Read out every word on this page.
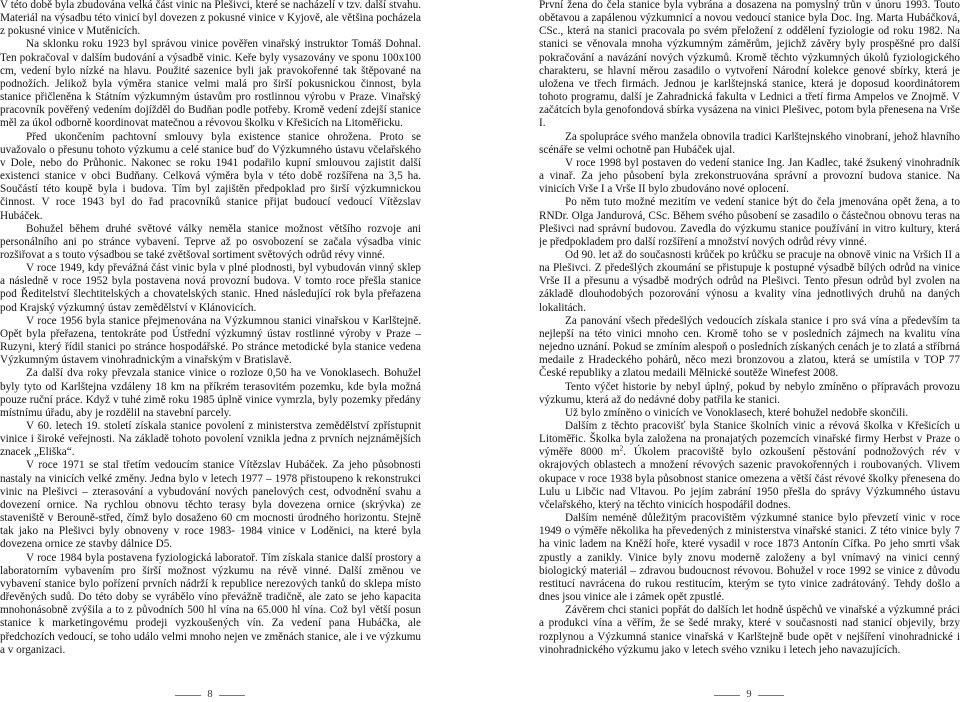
V této době byla zbudována velká část vinic na Plešivci, které se nacházelí v tzv. další stvahu. Materiál na výsadbu této vinicí byl dovezen z pokusné vinice v Kyjově, ale většina pocházela z pokusné vinice v Mutěnicích.

Na sklonku roku 1923 byl správou vinice pověřen vinařský instruktor Tomáš Dohnal. Ten pokračoval v dalším budování a výsadbě vinic. Keře byly vysazovány ve sponu 100x100 cm, vedení bylo nízké na hlavu. Použité sazenice byli jak pravokořenné tak štěpované na podnožích. Jelikož byla výměra stanice velmi malá pro širší pokusnickou činnost, byla stanice přičleněna k Státním výzkumným ústavům pro rostlinnou výrobu v Praze. Vinařský pracovník pověřený vedením dojížděl do Budňan podle potřeby. Kromě vedení zdejší stanice měl za úkol odborně koordinovat matečnou a révovou školku v Křešicích na Litoměřicku.

Před ukončením pachtovní smlouvy byla existence stanice ohrožena. Proto se uvažovalo o přesunu tohoto výzkumu a celé stanice buď do Výzkumného ústavu včelařského v Dole, nebo do Průhonic. Nakonec se roku 1941 podařilo kupní smlouvou zajistit další existenci stanice v obci Budňany. Celková výměra byla v této době rozšířena na 3,5 ha. Součástí této koupě byla i budova. Tím byl zajištěn předpoklad pro širší výzkumnickou činnost. V roce 1943 byl do řad pracovníků stanice přijat budoucí vedoucí Vítězslav Hubáček.

Bohužel během druhé světové války neměla stanice možnost většího rozvoje ani personálního ani po stránce vybavení. Teprve až po osvobození se začala výsadba vinic rozšiřovat a s touto výsadbou se také zvětšoval sortiment světových odrůd révy vinné.

V roce 1949, kdy převážná část vinic byla v plné plodnosti, byl vybudován vinný sklep a následně v roce 1952 byla postavena nová provozní budova. V tomto roce přešla stanice pod Ředitelství šlechtitelských a chovatelských stanic. Hned následující rok byla přeřazena pod Krajský výzkumný ústav zemědělství v Klánovicích.

V roce 1956 byla stanice přejmenována na Výzkumnou stanici vinařskou v Karlštejně. Opět byla přeřazena, tentokráte pod Ústřední výzkumný ústav rostlinné výroby v Praze – Ruzyni, který řídil stanici po stránce hospodářské. Po stránce metodické byla stanice vedena Výzkumným ústavem vinohradnickým a vinařským v Bratislavě.

Za další dva roky převzala stanice vinice o rozloze 0,50 ha ve Vonoklasech. Bohužel byly tyto od Karlštejna vzdáleny 18 km na příkrém terasovitém pozemku, kde byla možná pouze ruční práce. Když v tuhé zimě roku 1985 úplně vinice vymrzla, byly pozemky předány místnímu úřadu, aby je rozdělil na stavební parcely.

V 60. letech 19. století získala stanice povolení z ministerstva zemědělství zpřístupnit vinice i široké veřejnosti. Na základě tohoto povolení vznikla jedna z prvních nejznámějších znacek „Eliška“.

V roce 1971 se stal třetím vedoucím stanice Vítězslav Hubáček. Za jeho působnosti nastaly na vinicích velké změny. Jedna bylo v letech 1977 – 1978 přistoupeno k rekonstrukci vinic na Plešivci – zterasování a vybudování nových panelových cest, odvodnění svahu a dovezení ornice. Na rychlou obnovu těchto terasy byla dovezena ornice (skrývka) ze staveniště v Berouně-střed, čímž bylo dosaženo 60 cm mocnosti úrodného horizontu. Stejně tak jako na Plešivci byly obnoveny v roce 1983- 1984 vinice v Loděnici, na které byla dovezena ornice ze stavby dálnice D5.

V roce 1984 byla postavena fyziologická laboratoř. Tím získala stanice další prostory a laboratorním vybavením pro širší možnost výzkumu na révě vinné. Další změnou ve vybavení stanice bylo pořízení prvních nádrží k republice nerezových tanků do sklepa místo dřevěných sudů. Do této doby se vyrábělo víno převážně tradičně, ale zato se jeho kapacita mnohonásobně zvýšila a to z původních 500 hl vína na 65.000 hl vína. Což byl větší posun stanice k marketingovému prodeji vyzkoušených vín. Za vedení pana Hubáčka, ale předchozích vedoucí, se toho událo velmi mnoho nejen ve změnách stanice, ale i ve výzkumu a v organizaci.

8

První žena do čela stanice byla vybrána a dosazena na pomyslný trůn v únoru 1993. Touto obětavou a zapálenou výzkumnicí a novou vedoucí stanice byla Doc. Ing. Marta Hubáčková, CSc., která na stanici pracovala po svém přeložení z oddělení fyziologie od roku 1982. Na stanici se věnovala mnoha výzkumným záměrům, jejichž závěry byly prospěšné pro další pokračování a navázání nových výzkumů. Kromě těchto výzkumných úkolů fyziologického charakteru, se hlavní měrou zasadilo o vytvoření Národní kolekce genové sbírky, která je uložena ve třech firmách. Jednou je karlštejnská stanice, která je doposud koordinátorem tohoto programu, další je Zahradnická fakulta v Lednici a třetí firma Ampelos ve Znojmě. V začátcích byla genofondová sbírka vysázena na vinici Plešivec, potom byla přenesena na Vrše I.

Za spolupráce svého manžela obnovila tradici Karlštejnského vinobraní, jehož hlavního scénáře se velmi ochotně pan Hubáček ujal.

V roce 1998 byl postaven do vedení stanice Ing. Jan Kadlec, také žsukený vinohradník a vinař. Za jeho působení byla zrekonstruována správní a provozní budova stanice. Na vinicích Vrše I a Vrše II bylo zbudováno nové oplocení.

Po něm tuto možné mezitím ve vedení stanice být do čela jmenována opět žena, a to RNDr. Olga Jandurová, CSc. Během svého působení se zasadilo o částečnou obnovu teras na Plešivci nad správní budovou. Zavedla do výzkumu stanice používání in vitro kultury, která je předpokladem pro další rozšíření a množství nových odrůd révy vinné.

Od 90. let až do současnosti krůček po krůčku se pracuje na obnově vinic na Vršich II a na Plešivci. Z předešlých zkoumání se přistupuje k postupné výsadbě bílých odrůd na vinice Vrše II a přesunu a výsadbě modrých odrůd na Plešivci. Tento přesun odrůd byl zvolen na základě dlouhodobých pozorování výnosu a kvality vína jednotlivých druhů na daných lokalitách.

Za panování všech předešlých vedoucích získala stanice i pro svá vína a především ta nejlepší na této vinici mnoho cen. Kromě toho se v posledních zájmech na kvalitu vína nejedno uznání. Pokud se zmíním alespoň o posledních získaných cenách je to zlatá a stříbrná medaile z Hradeckého pohárů, něco mezi bronzovou a zlatou, která se umístila v TOP 77 České republiky a zlatou medaili Mělnické soutěže Winefest 2008.

Tento výčet historie by nebyl úplný, pokud by nebylo zmíněno o přípravách provozu výzkumu, která až do nedávné doby patřila ke stanici.

Už bylo zmíněno o vinicích ve Vonoklasech, které bohužel nedobře skončili.

Dalším z těchto pracovišť byla Stanice školních vinic a révová školka v Křešicích u Litoměřic. Školka byla založena na pronajatých pozemcích vinařské firmy Herbst v Praze o výměře 8000 $m^2$. Úkolem pracoviště bylo ozkoušení pěstování podnožových rév v okrajových oblastech a množení révových sazenic pravokořenných i roubovaných. Vlivem okupace v roce 1938 byla působnost stanice omezena a větší část révové školky přenesena do Lulu u Libčic nad Vltavou. Po jejím zabrání 1950 přešla do správy Výzkumného ústavu včelařského, který na těchto vinicích hospodářil dodnes.

Dalším neméně důležitým pracovištěm výzkumné stanice bylo převzetí vinic v roce 1949 o výměře několika ha převedených z ministerstva vinařské stanici. Z této vinice byly 7 ha vinic ladem na Kněží hoře, které vysadil v roce 1873 Antonín Cífka. Po jeho smrti však zpustly a zanikly. Vinice byly znovu moderně založeny a byl vnímavý na vinici cenný biologický materiál – zdravou budoucnost révovou. Bohužel v roce 1992 se vinice z důvodu restitucí navrácena do rukou restitucím, kterým se tyto vinice zadrátováný. Tehdy došlo a dnes jsou vinice ale i zámek opět zpustlé.

Závěrem chci stanici popřát do dalších let hodně úspěchů ve vinařské a výzkumné práci a produkci vína a věřím, že se šedé mraky, které v současnosti nad stanicí objevily, brzy rozplynou a Výzkumná stanice vinařská v Karlštejně bude opět v nejšíření vinohradnické i vinohradnického výzkumu jako v letech svého vzniku i letech jeho navazujících.

9
